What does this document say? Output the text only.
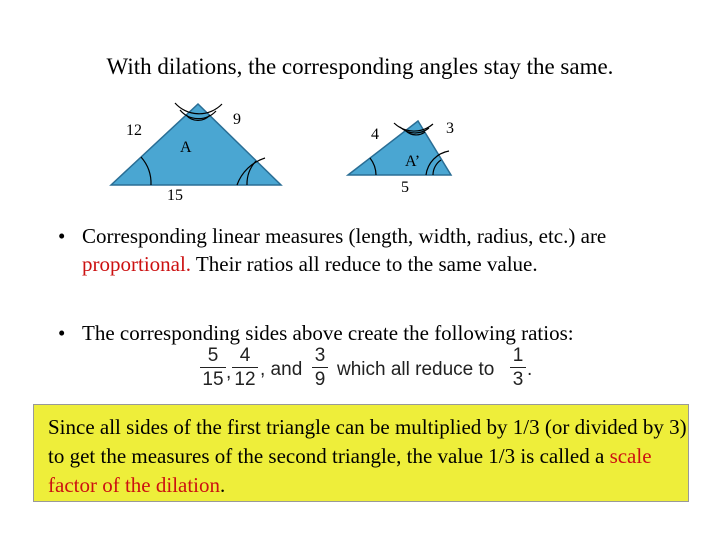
With dilations, the corresponding angles stay the same.
12
9
15
A
4	3
5
A’
• Corresponding linear measures (length, width, radius, etc.) are proportional. Their ratios all reduce to the same value.
• The corresponding sides above create the following ratios:
5
15 ,
4
12 , and
3
9 which all reduce to
1
3 .
Since all sides of the first triangle can be multiplied by 1/3 (or divided by 3) to get the measures of the second triangle, the value 1/3 is called a scale factor of the dilation.
